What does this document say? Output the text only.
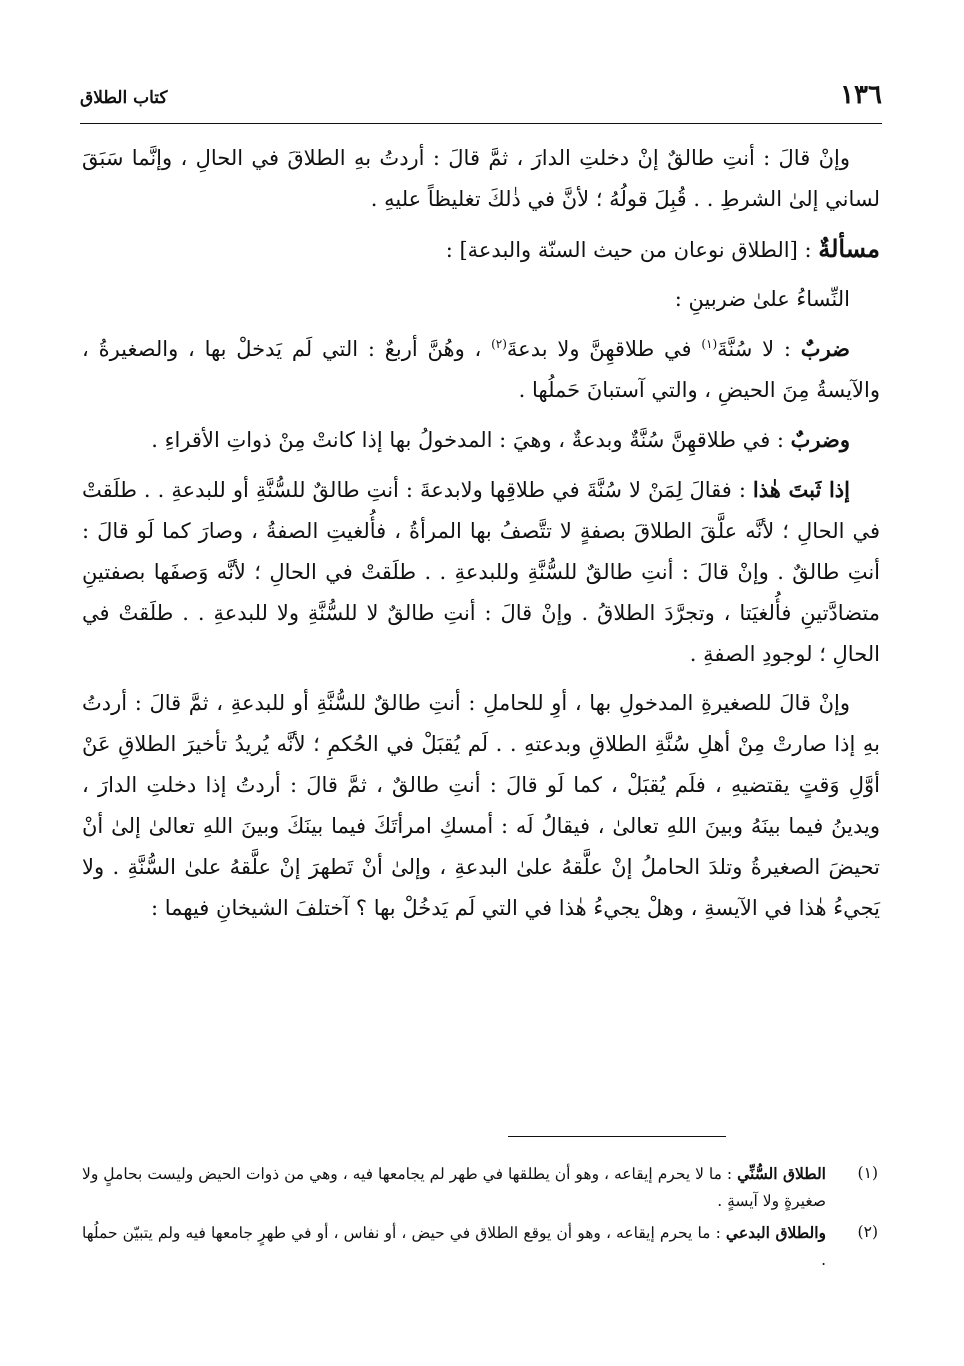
١٣٦
كتاب الطلاق

وإنْ قالَ : أنتِ طالقٌ إنْ دخلتِ الدارَ ، ثمَّ قالَ : أردتُ بهِ الطلاقَ في الحالِ ، وإنَّما سَبَقَ لساني إلىٰ الشرطِ . . قُبِلَ قولُهُ ؛ لأنَّ في ذٰلكَ تغليظاً عليهِ .

مسألةٌ : [الطلاق نوعان من حيث السنّة والبدعة] :

النِّساءُ علىٰ ضربينِ :

ضربٌ : لا سُنَّةَ$^{(١)}$ في طلاقهِنَّ ولا بدعةَ$^{(٢)}$ ، وهُنَّ أربعٌ : التي لَم يَدخلْ بها ، والصغيرةُ ، والآيسةُ مِنَ الحيضِ ، والتي آستبانَ حَملُها .

وضربٌ : في طلاقهِنَّ سُنَّةٌ وبدعةٌ ، وهيَ : المدخولُ بها إذا كانتْ مِنْ ذواتِ الأقراءِ .

إذا ثَبتَ هٰذا : فقالَ لِمَنْ لا سُنَّةَ في طلاقِها ولابدعةَ : أنتِ طالقٌ للسُّنَّةِ أو للبدعةِ . . طلَقتْ في الحالِ ؛ لأنَّه علَّقَ الطلاقَ بصفةٍ لا تتَّصفُ بها المرأةُ ، فأُلغيتِ الصفةُ ، وصارَ كما لَو قالَ : أنتِ طالقٌ . وإنْ قالَ : أنتِ طالقٌ للسُّنَّةِ وللبدعةِ . . طلَقتْ في الحالِ ؛ لأنَّه وَصفَها بصفتينِ متضادَّتينِ فأُلغيَتا ، وتجرَّدَ الطلاقُ . وإنْ قالَ : أنتِ طالقٌ لا للسُّنَّةِ ولا للبدعةِ . . طلَقتْ في الحالِ ؛ لوجودِ الصفةِ .

وإنْ قالَ للصغيرةِ المدخولِ بها ، أوِ للحاملِ : أنتِ طالقٌ للسُّنَّةِ أو للبدعةِ ، ثمَّ قالَ : أردتُ بهِ إذا صارتْ مِنْ أهلِ سُنَّةِ الطلاقِ وبدعتهِ . . لَم يُقبَلْ في الحُكمِ ؛ لأنَّه يُريدُ تأخيرَ الطلاقِ عَنْ أوَّلِ وَقتٍ يقتضيهِ ، فلَم يُقبَلْ ، كما لَو قالَ : أنتِ طالقٌ ، ثمَّ قالَ : أردتُ إذا دخلتِ الدارَ ، ويدينُ فيما بينَهُ وبينَ اللهِ تعالىٰ ، فيقالُ لَه : أمسكِ امرأتَكَ فيما بينَكَ وبينَ اللهِ تعالىٰ إلىٰ أنْ تحيضَ الصغيرةُ وتلدَ الحاملُ إنْ علَّقهُ علىٰ البدعةِ ، وإلىٰ أنْ تَطهرَ إنْ علَّقهُ علىٰ السُّنَّةِ . ولا يَجيءُ هٰذا في الآيسةِ ، وهلْ يجيءُ هٰذا في التي لَم يَدخُلْ بها ؟ آختلفَ الشيخانِ فيهما :

(١)
الطلاق السُّنِّي : ما لا يحرم إيقاعه ، وهو أن يطلقها في طهر لم يجامعها فيه ، وهي من ذوات الحيض وليست بحاملٍ ولا صغيرةٍ ولا آيسةٍ .
(٢)
والطلاق البدعي : ما يحرم إيقاعه ، وهو أن يوقع الطلاق في حيض ، أو نفاس ، أو في طهرٍ جامعها فيه ولم يتبيّن حملُها .
